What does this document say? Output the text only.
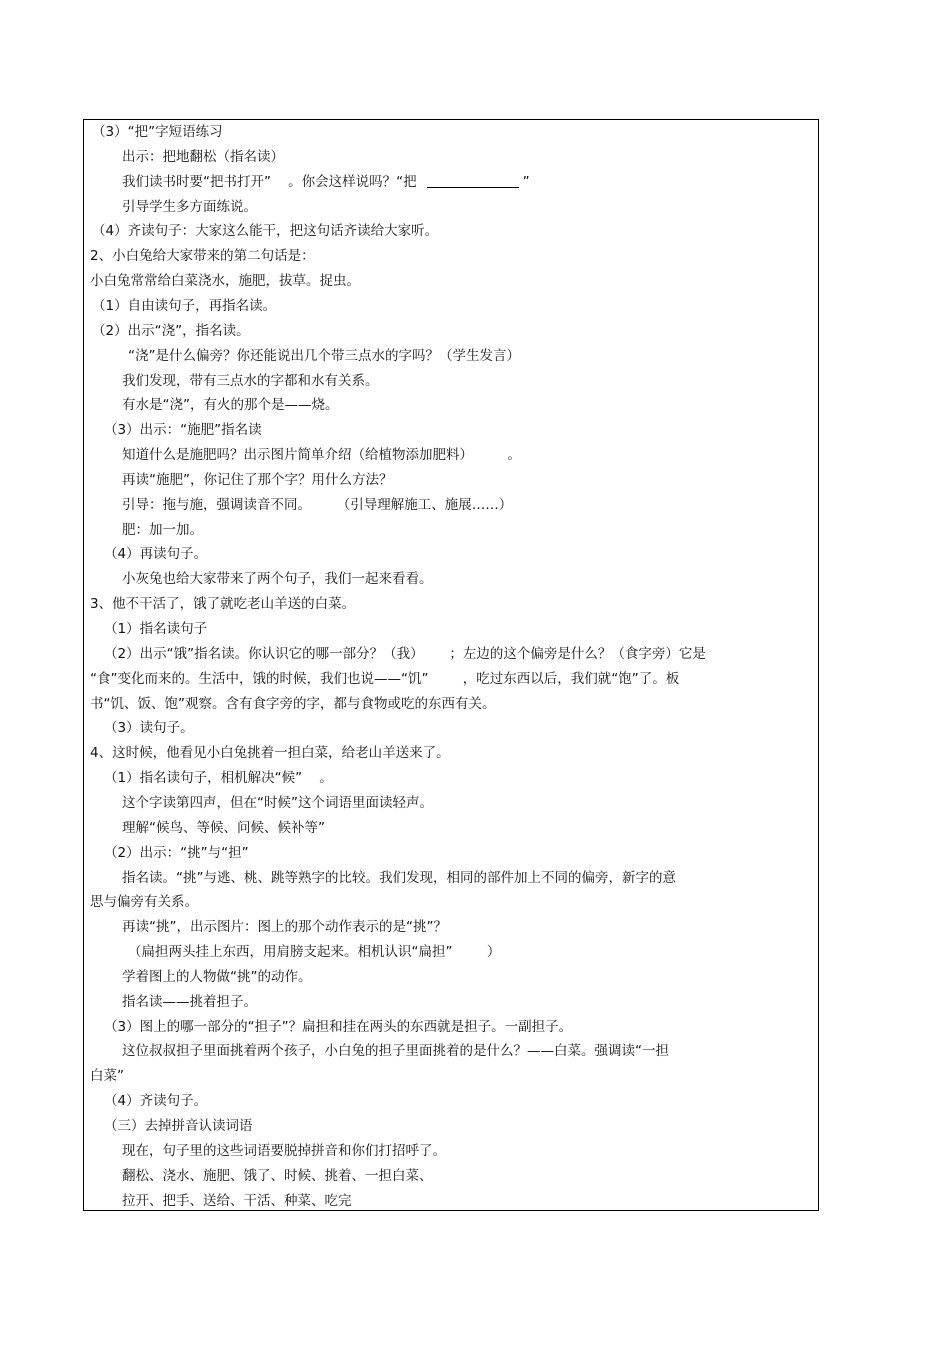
（3）“把”字短语练习
出示：把地翻松（指名读）
我们读书时要“把书打开”    。你会这样说吗？“把	”
引导学生多方面练说。
（4）齐读句子：大家这么能干，把这句话齐读给大家听。
2、小白兔给大家带来的第二句话是：
小白兔常常给白菜浇水，施肥，拔草。捉虫。
（1）自由读句子，再指名读。
（2）出示“浇”，指名读。
“浇”是什么偏旁？你还能说出几个带三点水的字吗？（学生发言）
我们发现，带有三点水的字都和水有关系。
有水是“浇”，有火的那个是——烧。
（3）出示：“施肥”指名读
知道什么是施肥吗？出示图片简单介绍（给植物添加肥料）        。
再读“施肥”，你记住了那个字？用什么方法？
引导：拖与施，强调读音不同。      （引导理解施工、施展……）
肥：加一加。
（4）再读句子。
小灰兔也给大家带来了两个句子，我们一起来看看。
3、他不干活了，饿了就吃老山羊送的白菜。
（1）指名读句子
（2）出示“饿”指名读。你认识它的哪一部分？（我）      ；左边的这个偏旁是什么？（食字旁）它是
“食”变化而来的。生活中，饿的时候，我们也说——“饥”        ，吃过东西以后，我们就“饱”了。板
书“饥、饭、饱”观察。含有食字旁的字，都与食物或吃的东西有关。
（3）读句子。
4、这时候，他看见小白兔挑着一担白菜，给老山羊送来了。
（1）指名读句子，相机解决“候”    。
这个字读第四声，但在“时候”这个词语里面读轻声。
理解“候鸟、等候、问候、候补等”
（2）出示：“挑”与“担”
指名读。“挑”与逃、桃、跳等熟字的比较。我们发现，相同的部件加上不同的偏旁，新字的意
思与偏旁有关系。
再读“挑”，出示图片：图上的那个动作表示的是“挑”？
（扁担两头挂上东西，用肩膀支起来。相机认识“扁担”        ）
学着图上的人物做“挑”的动作。
指名读——挑着担子。
（3）图上的哪一部分的“担子”？扁担和挂在两头的东西就是担子。一副担子。
这位叔叔担子里面挑着两个孩子，小白兔的担子里面挑着的是什么？——白菜。强调读“一担
白菜”
（4）齐读句子。
（三）去掉拼音认读词语
现在，句子里的这些词语要脱掉拼音和你们打招呼了。
翻松、浇水、施肥、饿了、时候、挑着、一担白菜、
拉开、把手、送给、干活、种菜、吃完
